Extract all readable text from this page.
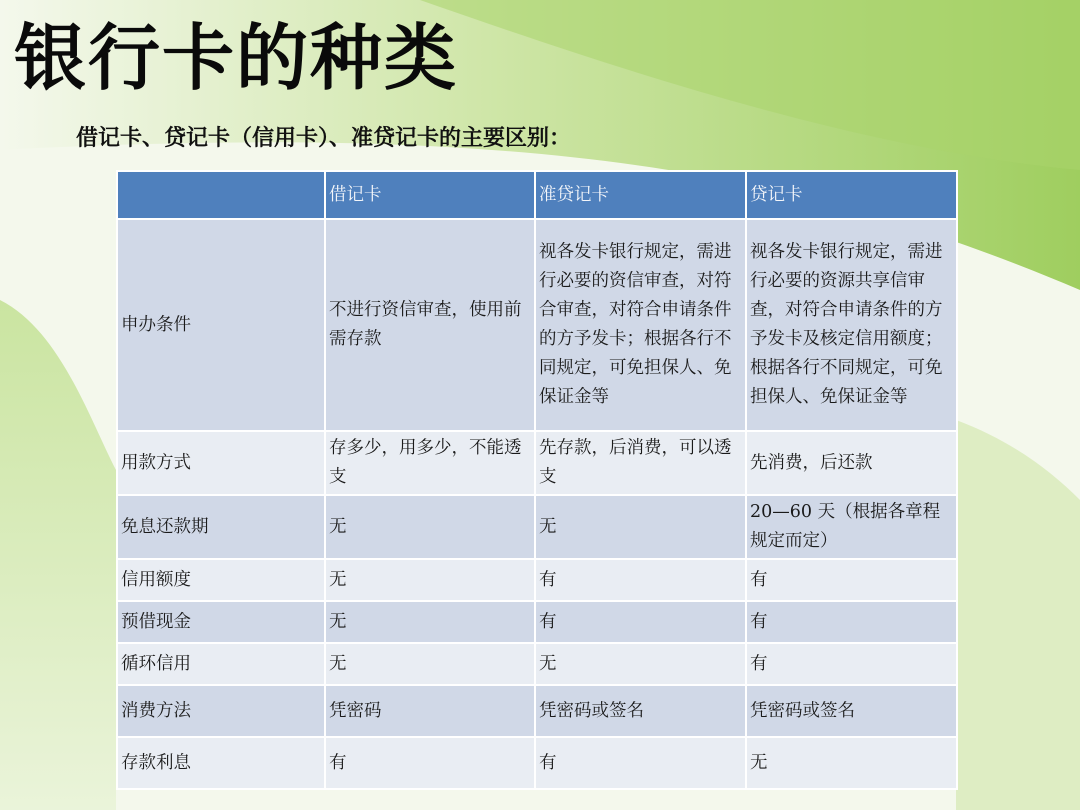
银行卡的种类
借记卡、贷记卡（信用卡）、准贷记卡的主要区别：
	借记卡	准贷记卡	贷记卡
申办条件	不进行资信审查，使用前需存款	视各发卡银行规定，需进行必要的资信审查，对符合审查，对符合申请条件的方予发卡；根据各行不同规定，可免担保人、免保证金等	视各发卡银行规定，需进行必要的资源共享信审查，对符合申请条件的方予发卡及核定信用额度；根据各行不同规定，可免担保人、免保证金等
用款方式	存多少，用多少，不能透支	先存款，后消费，可以透支	先消费，后还款
免息还款期	无	无	20—60 天（根据各章程规定而定）
信用额度	无	有	有
预借现金	无	有	有
循环信用	无	无	有
消费方法	凭密码	凭密码或签名	凭密码或签名
存款利息	有	有	无
